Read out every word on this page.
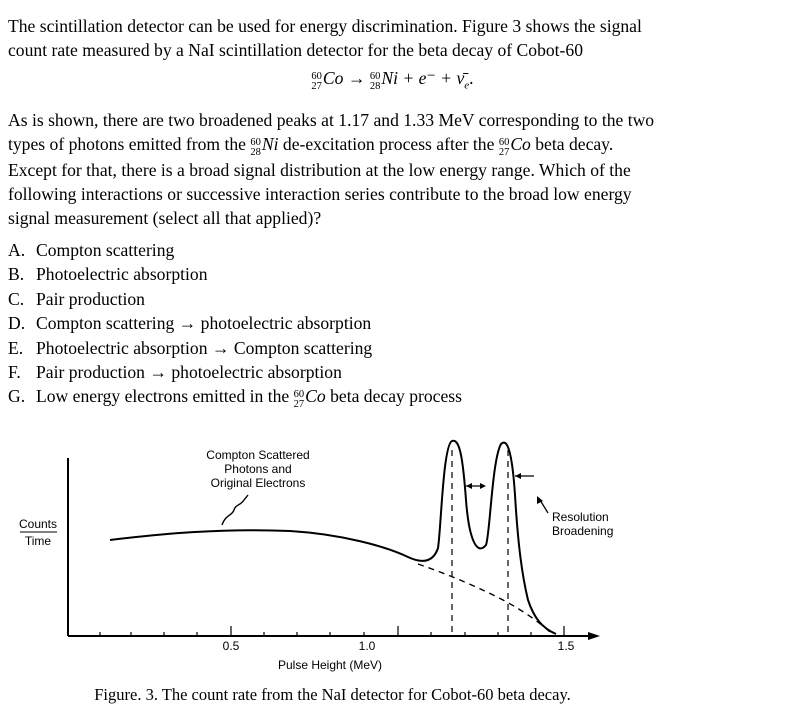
The scintillation detector can be used for energy discrimination. Figure 3 shows the signal
count rate measured by a NaI scintillation detector for the beta decay of Cobot-60

60
27 Co → 60
28 $Ni + e^- + \nū_e$.

As is shown, there are two broadened peaks at 1.17 and 1.33 MeV corresponding to the two
types of photons emitted from the 60
28 Ni de-excitation process after the 60
27 Co beta decay.
Except for that, there is a broad signal distribution at the low energy range. Which of the
following interactions or successive interaction series contribute to the broad low energy
signal measurement (select all that applied)?

A. Compton scattering
B. Photoelectric absorption
C. Pair production
D. Compton scattering → photoelectric absorption
E. Photoelectric absorption → Compton scattering
F. Pair production → photoelectric absorption
G. Low energy electrons emitted in the 60
27 Co beta decay process
0.5	1.0	1.5
Pulse Height (MeV)
Counts
Time
Compton Scattered
Photons and
Original Electrons
Resolution
Broadening
Figure. 3. The count rate from the NaI detector for Cobot-60 beta decay.
